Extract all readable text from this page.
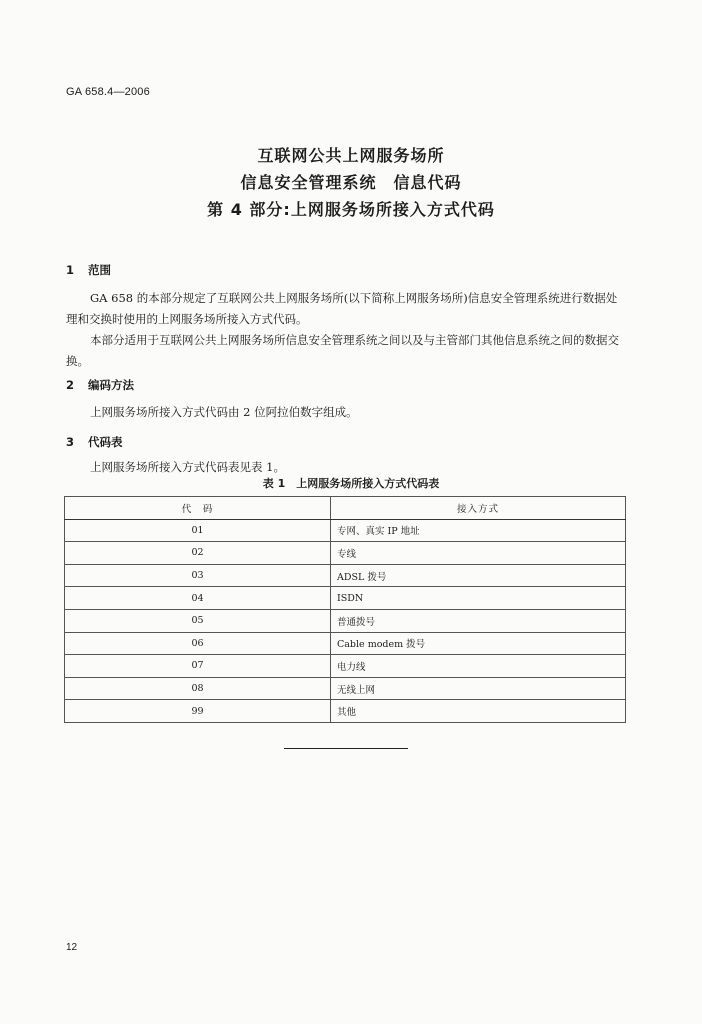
GA 658.4—2006
互联网公共上网服务场所
信息安全管理系统　信息代码
第 4 部分:上网服务场所接入方式代码
1 范围
GA 658 的本部分规定了互联网公共上网服务场所(以下简称上网服务场所)信息安全管理系统进行数据处理和交换时使用的上网服务场所接入方式代码。
本部分适用于互联网公共上网服务场所信息安全管理系统之间以及与主管部门其他信息系统之间的数据交换。
2 编码方法
上网服务场所接入方式代码由 2 位阿拉伯数字组成。
3 代码表
上网服务场所接入方式代码表见表 1。
表 1　上网服务场所接入方式代码表
代　码	接入方式
01	专网、真实 IP 地址
02	专线
03	ADSL 拨号
04	ISDN
05	普通拨号
06	Cable modem 拨号
07	电力线
08	无线上网
99	其他
12
